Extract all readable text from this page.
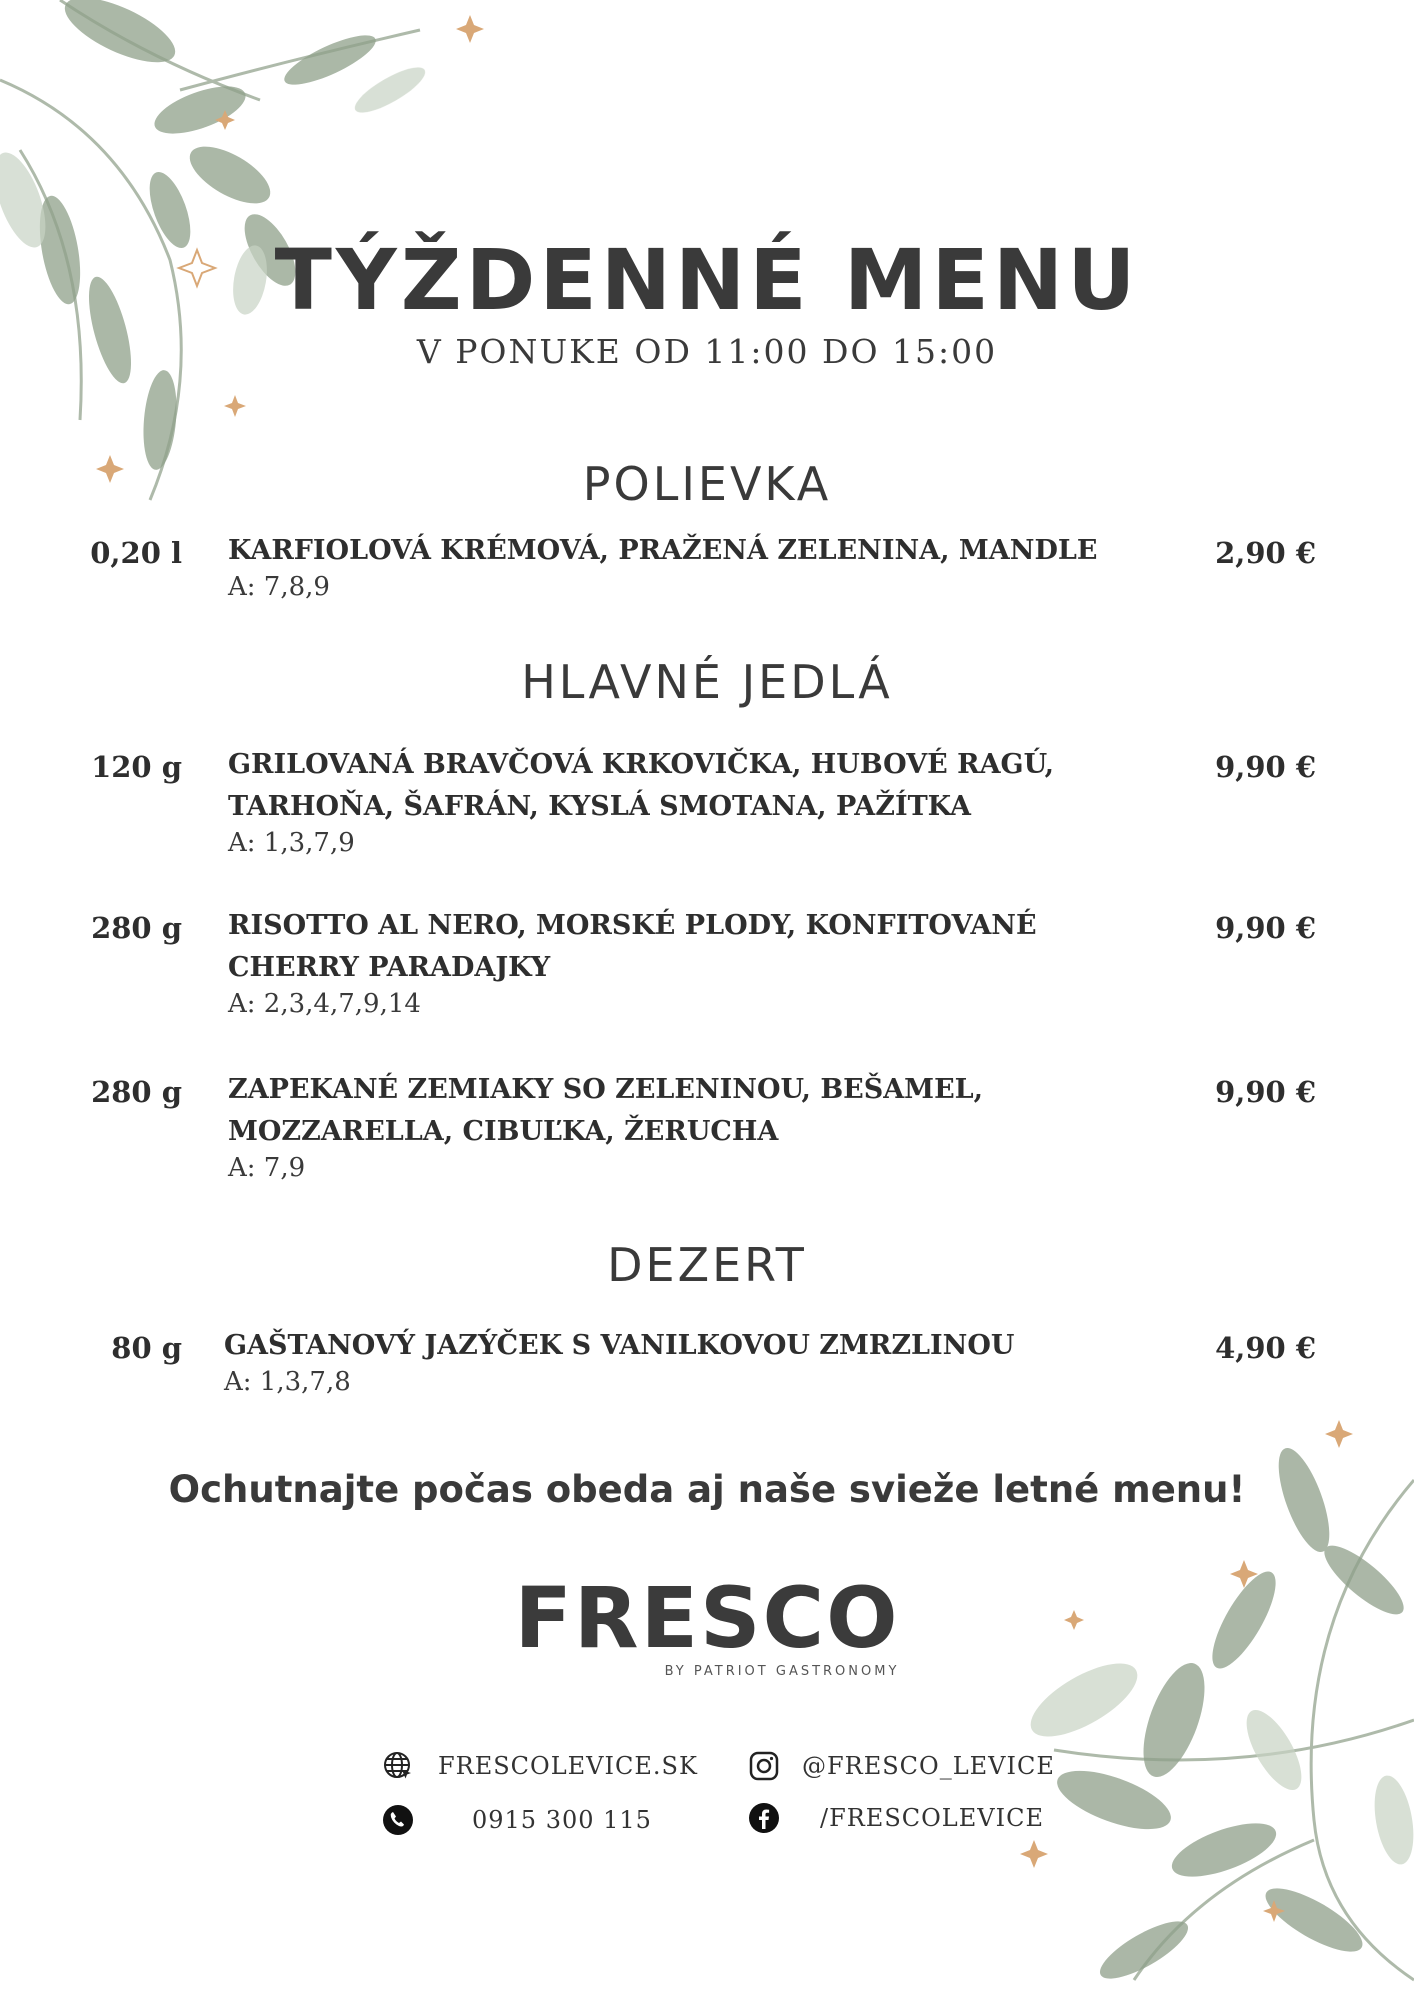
TÝŽDENNÉ MENU
V PONUKE OD 11:00 DO 15:00
POLIEVKA
0,20 l KARFIOLOVÁ KRÉMOVÁ, PRAŽENÁ ZELENINA, MANDLE
A: 7,8,9
2,90 €
HLAVNÉ JEDLÁ
120 g GRILOVANÁ BRAVČOVÁ KRKOVIČKA, HUBOVÉ RAGÚ,
TARHOŇA, ŠAFRÁN, KYSLÁ SMOTANA, PAŽÍTKA
A: 1,3,7,9
9,90 €
280 g RISOTTO AL NERO, MORSKÉ PLODY, KONFITOVANÉ
CHERRY PARADAJKY
A: 2,3,4,7,9,14
9,90 €
280 g ZAPEKANÉ ZEMIAKY SO ZELENINOU, BEŠAMEL,
MOZZARELLA, CIBUĽKA, ŽERUCHA
A: 7,9
9,90 €
DEZERT
80 g GAŠTANOVÝ JAZÝČEK S VANILKOVOU ZMRZLINOU
A: 1,3,7,8
4,90 €
Ochutnajte počas obeda aj naše svieže letné menu!
FRESCO
BY PATRIOT GASTRONOMY
FRESCOLEVICE.SK
0915 300 115
@FRESCO_LEVICE
/FRESCOLEVICE
